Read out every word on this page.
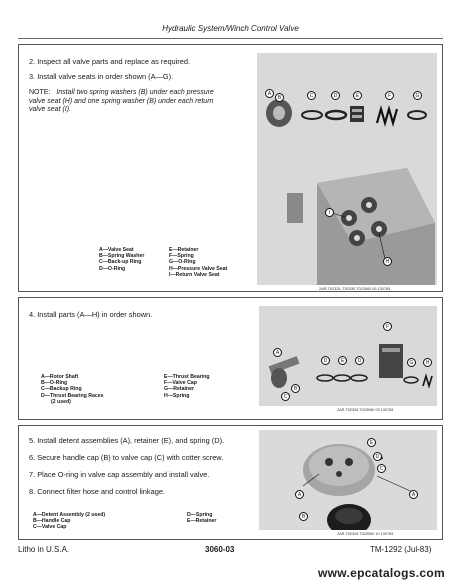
Hydraulic System/Winch Control Valve
2. Inspect all valve parts and replace as required.
3. Install valve seats in order shown (A—G).
NOTE: Install two spring washers (B) under each pressure valve seat (H) and one spring washer (B) under each return valve seat (I).
A—Valve Seat
B—Spring Washer
C—Back-up Ring
D—O-Ring
E—Retainer
F—Spring
G—O-Ring
H—Pressure Valve Seat
I—Return Valve Seat
A
B	C	D	E	F	G
I
H
2AR,T92325, T92330 T023060 09 130783
4. Install parts (A—H) in order shown.
A—Rotor Shaft
B—O-Ring
C—Backup Ring
D—Thrust Bearing Races
(2 used)
E—Thrust Bearing
F—Valve Cap
G—Retainer
H—Spring
F
A
D	E	D	G	H
B
C
2AR,T92326 T023060 09 130783
5. Install detent assemblies (A), retainer (E), and spring (D).
6. Secure handle cap (B) to valve cap (C) with cotter screw.
7. Place O-ring in valve cap assembly and install valve.
8. Connect filter hose and control linkage.
A—Detent Assembly (2 used)
B—Handle Cap
C—Valve Cap
D—Spring
E—Retainer
E
D
C
A	A
B
2AR,T92326 T023060 10 130783
Litho in U.S.A.	3060-03	TM-1292 (Jul-83)
www.epcatalogs.com
